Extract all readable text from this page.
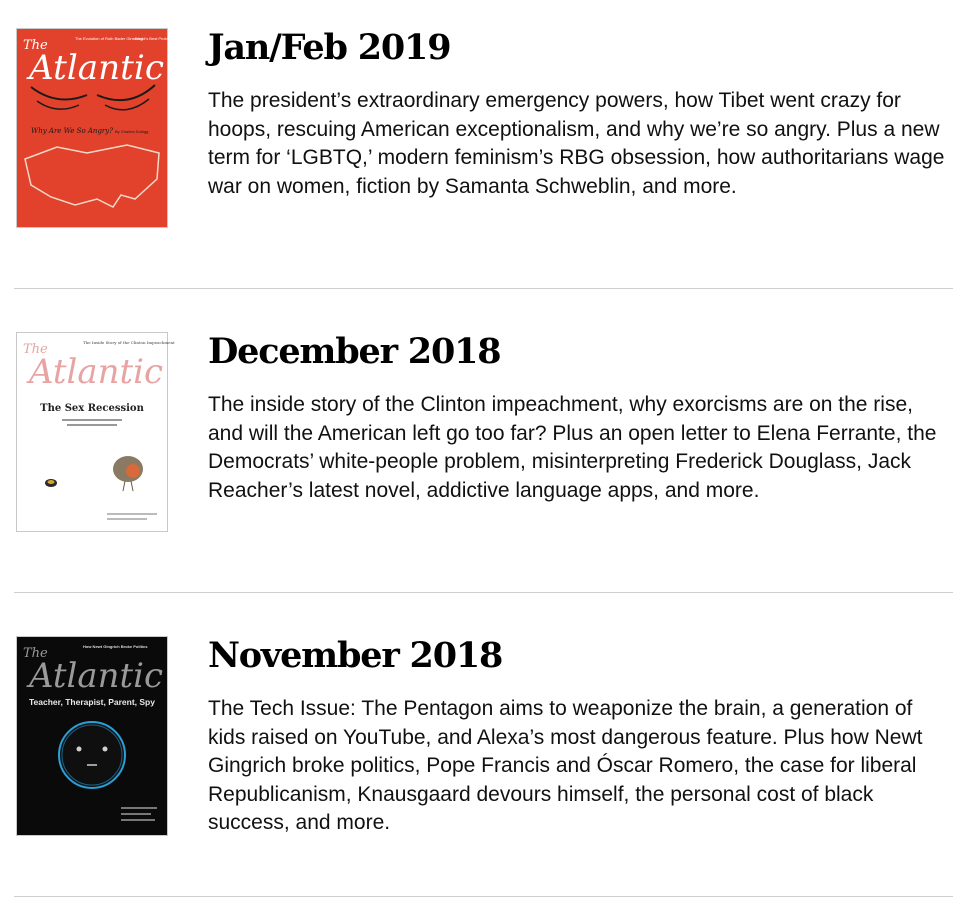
The
Atlantic
The Evolution of Ruth Bader Ginsburg
World’s Best Problems
Why Are We So Angry? By Charles Duhigg
Jan/Feb 2019

The president’s extraordinary emergency powers, how Tibet went crazy for hoops, rescuing American exceptionalism, and why we’re so angry. Plus a new term for ‘LGBTQ,’ modern feminism’s RBG obsession, how authoritarians wage war on women, fiction by Samanta Schweblin, and more.

The
Atlantic
The Inside Story of the Clinton Impeachment
The Sex Recession
December 2018

The inside story of the Clinton impeachment, why exorcisms are on the rise, and will the American left go too far? Plus an open letter to Elena Ferrante, the Democrats’ white-people problem, misinterpreting Frederick Douglass, Jack Reacher’s latest novel, addictive language apps, and more.

The
Atlantic
How Newt Gingrich Broke Politics
Teacher, Therapist, Parent, Spy
November 2018

The Tech Issue: The Pentagon aims to weaponize the brain, a generation of kids raised on YouTube, and Alexa’s most dangerous feature. Plus how Newt Gingrich broke politics, Pope Francis and Óscar Romero, the case for liberal Republicanism, Knausgaard devours himself, the personal cost of black success, and more.
